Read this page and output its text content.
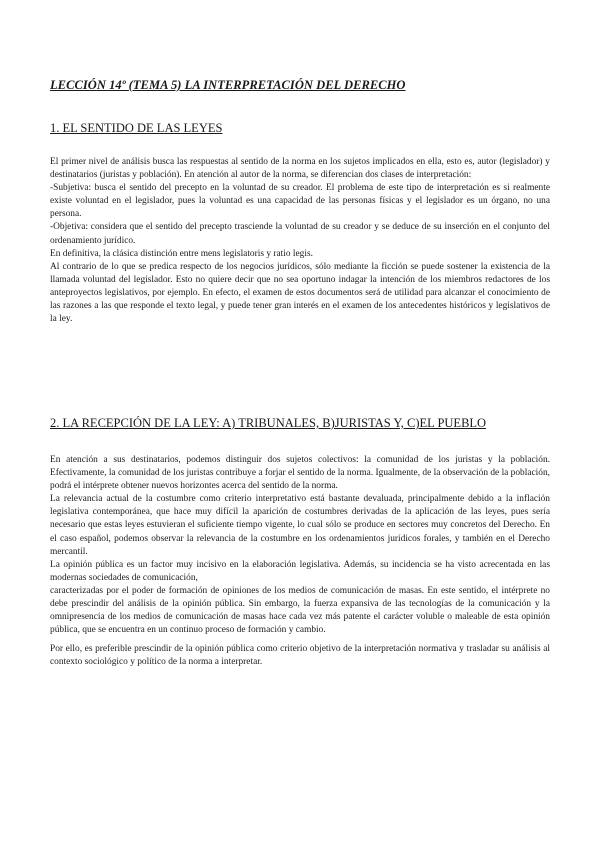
LECCIÓN 14º (TEMA 5) LA INTERPRETACIÓN DEL DERECHO
1. EL SENTIDO DE LAS LEYES

El primer nivel de análisis busca las respuestas al sentido de la norma en los sujetos implicados en ella, esto es, autor (legislador) y destinatarios (juristas y población). En atención al autor de la norma, se diferencian dos clases de interpretación:

-Subjetiva: busca el sentido del precepto en la voluntad de su creador. El problema de este tipo de interpretación es si realmente existe voluntad en el legislador, pues la voluntad es una capacidad de las personas físicas y el legislador es un órgano, no una persona.

-Objetiva: considera que el sentido del precepto trasciende la voluntad de su creador y se deduce de su inserción en el conjunto del ordenamiento jurídico.

En definitiva, la clásica distinción entre mens legislatoris y ratio legis.

Al contrario de lo que se predica respecto de los negocios jurídicos, sólo mediante la ficción se puede sostener la existencia de la llamada voluntad del legislador. Esto no quiere decir que no sea oportuno indagar la intención de los miembros redactores de los anteproyectos legislativos, por ejemplo. En efecto, el examen de estos documentos será de utilidad para alcanzar el conocimiento de las razones a las que responde el texto legal, y puede tener gran interés en el examen de los antecedentes históricos y legislativos de la ley.

2. LA RECEPCIÓN DE LA LEY: A) TRIBUNALES, B)JURISTAS Y, C)EL PUEBLO

En atención a sus destinatarios, podemos distinguir dos sujetos colectivos: la comunidad de los juristas y la población. Efectivamente, la comunidad de los juristas contribuye a forjar el sentido de la norma. Igualmente, de la observación de la población, podrá el intérprete obtener nuevos horizontes acerca del sentido de la norma.

La relevancia actual de la costumbre como criterio interpretativo está bastante devaluada, principalmente debido a la inflación legislativa contemporánea, que hace muy difícil la aparición de costumbres derivadas de la aplicación de las leyes, pues sería necesario que estas leyes estuvieran el suficiente tiempo vigente, lo cual sólo se produce en sectores muy concretos del Derecho. En el caso español, podemos observar la relevancia de la costumbre en los ordenamientos jurídicos forales, y también en el Derecho mercantil.

La opinión pública es un factor muy incisivo en la elaboración legislativa. Además, su incidencia se ha visto acrecentada en las modernas sociedades de comunicación,

caracterizadas por el poder de formación de opiniones de los medios de comunicación de masas. En este sentido, el intérprete no debe prescindir del análisis de la opinión pública. Sin embargo, la fuerza expansiva de las tecnologías de la comunicación y la omnipresencia de los medios de comunicación de masas hace cada vez más patente el carácter voluble o maleable de esta opinión pública, que se encuentra en un continuo proceso de formación y cambio.

Por ello, es preferible prescindir de la opinión pública como criterio objetivo de la interpretación normativa y trasladar su análisis al contexto sociológico y político de la norma a interpretar.
